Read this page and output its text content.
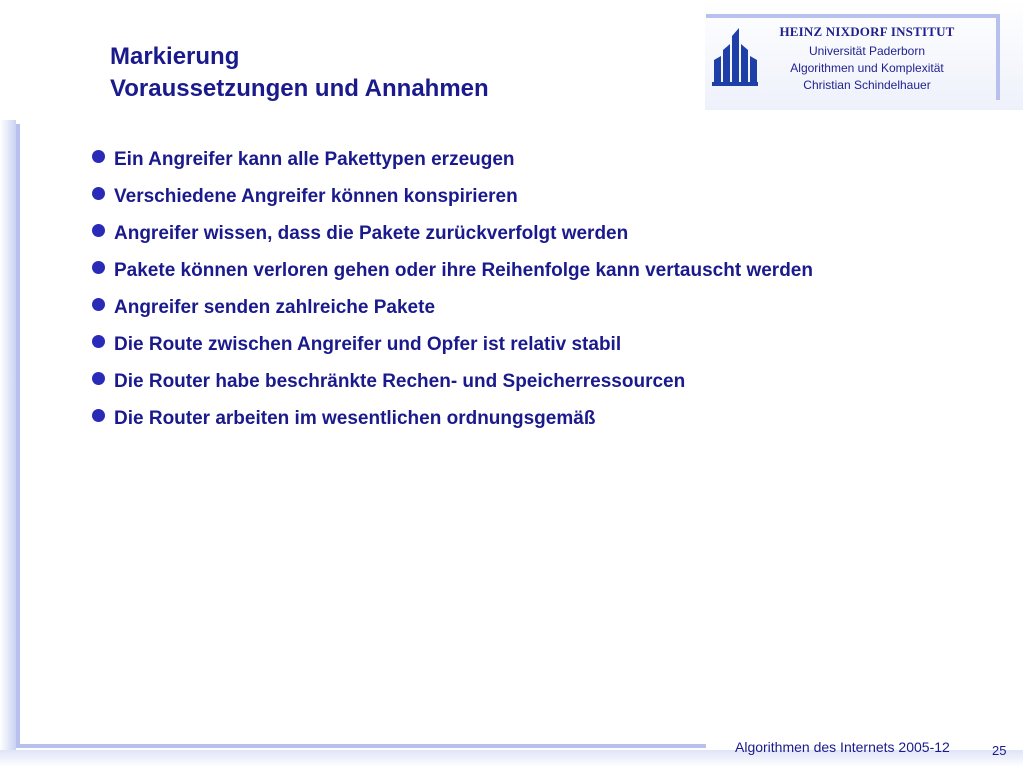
HEINZ NIXDORF INSTITUT
Universität Paderborn
Algorithmen und Komplexität
Christian Schindelhauer
Markierung
Voraussetzungen und Annahmen
Ein Angreifer kann alle Pakettypen erzeugen
Verschiedene Angreifer können konspirieren
Angreifer wissen, dass die Pakete zurückverfolgt werden
Pakete können verloren gehen oder ihre Reihenfolge kann vertauscht werden
Angreifer senden zahlreiche Pakete
Die Route zwischen Angreifer und Opfer ist relativ stabil
Die Router habe beschränkte Rechen- und Speicherressourcen
Die Router arbeiten im wesentlichen ordnungsgemäß
Algorithmen des Internets 2005-12	25
